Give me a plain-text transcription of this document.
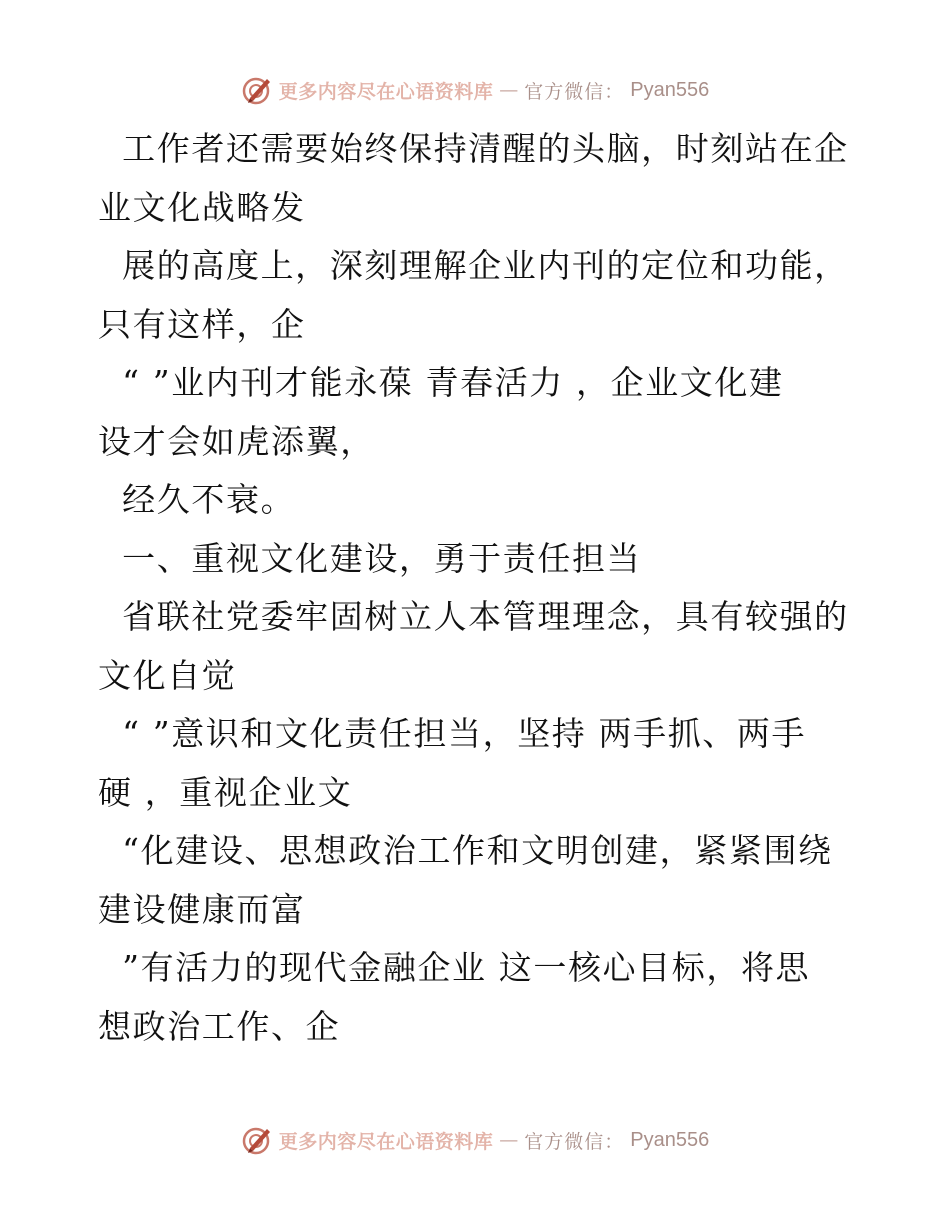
更多内容尽在心语资料库 — 官方微信： Pyan556
工作者还需要始终保持清醒的头脑，时刻站在企
业文化战略发
展的高度上，深刻理解企业内刊的定位和功能，
只有这样，企
“ ”业内刊才能永葆 青春活力 ，企业文化建
设才会如虎添翼，
经久不衰。
一、重视文化建设，勇于责任担当
省联社党委牢固树立人本管理理念，具有较强的
文化自觉
“ ”意识和文化责任担当，坚持 两手抓、两手
硬 ，重视企业文
“化建设、思想政治工作和文明创建，紧紧围绕
建设健康而富
”有活力的现代金融企业 这一核心目标，将思
想政治工作、企
更多内容尽在心语资料库 — 官方微信： Pyan556
